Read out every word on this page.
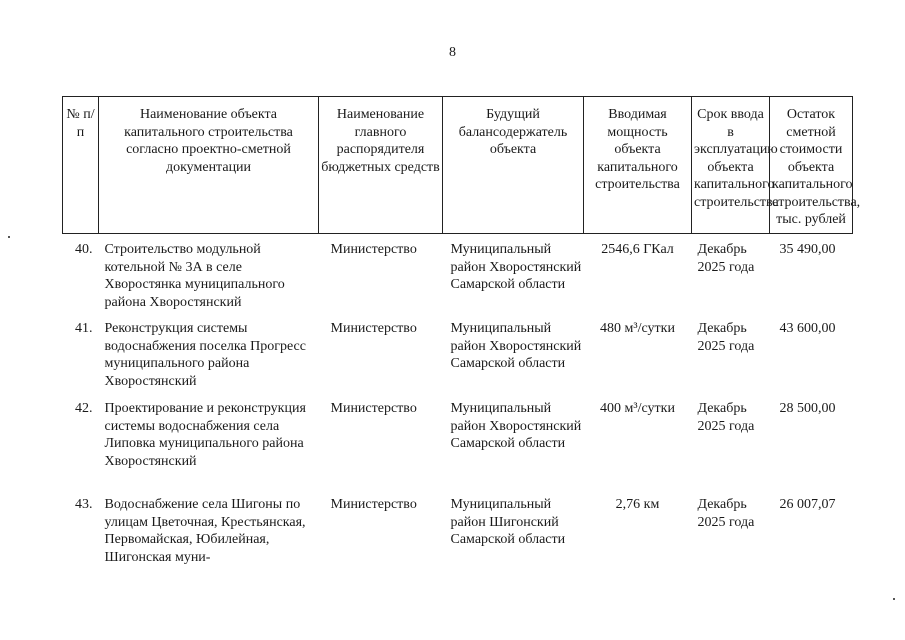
8
№ п/п	Наименование объекта капитального строительства согласно проектно-сметной документации	Наименование главного распорядителя бюджетных средств	Будущий балансодержатель объекта	Вводимая мощность объекта капитального строительства	Срок ввода в эксплуатацию объекта капитального строительства	Остаток сметной стоимости объекта капитального строительства, тыс. рублей
40.	Строительство модульной котельной № 3А в селе Хворостянка муниципального района Хворостянский	Министерство	Муниципальный район Хворостянский Самарской области	2546,6 ГКал	Декабрь 2025 года	35 490,00
41.	Реконструкция системы водоснабжения поселка Прогресс муниципального района Хворостянский	Министерство	Муниципальный район Хворостянский Самарской области	480 м³/сутки	Декабрь 2025 года	43 600,00
42.	Проектирование и реконструкция системы водоснабжения села Липовка муниципального района Хворостянский	Министерство	Муниципальный район Хворостянский Самарской области	400 м³/сутки	Декабрь 2025 года	28 500,00
43.	Водоснабжение села Шигоны по улицам Цветочная, Крестьянская, Первомайская, Юбилейная, Шигонская муни-	Министерство	Муниципальный район Шигонский Самарской области	2,76 км	Декабрь 2025 года	26 007,07
